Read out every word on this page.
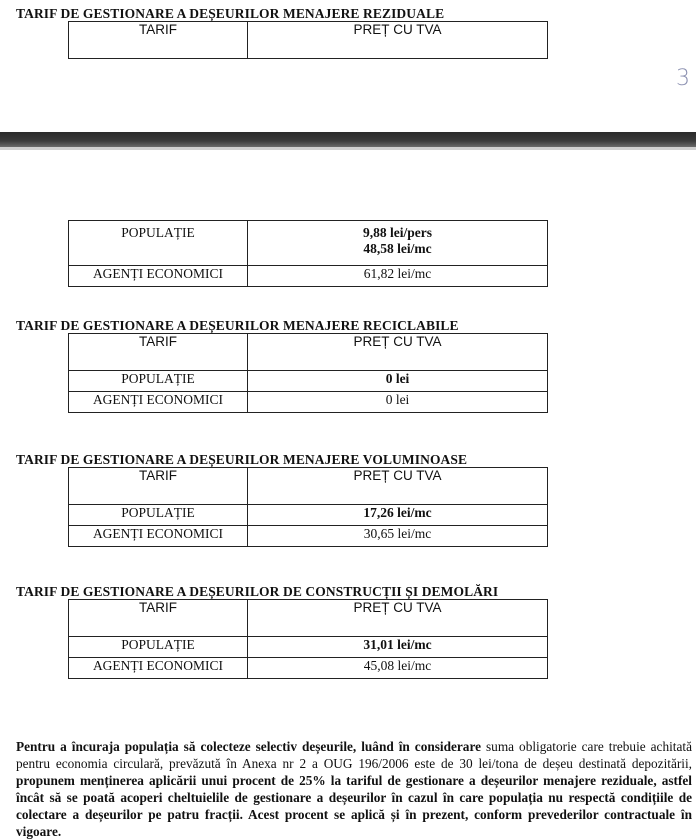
TARIF DE GESTIONARE A DEȘEURILOR MENAJERE REZIDUALE
TARIF	PREȚ CU TVA
3
POPULAȚIE	9,88 lei/pers
48,58 lei/mc

AGENȚI ECONOMICI	61,82 lei/mc
TARIF DE GESTIONARE A DEȘEURILOR MENAJERE RECICLABILE
TARIF	PREȚ CU TVA
POPULAȚIE	0 lei
AGENȚI ECONOMICI	0 lei
TARIF DE GESTIONARE A DEȘEURILOR MENAJERE VOLUMINOASE
TARIF	PREȚ CU TVA
POPULAȚIE	17,26 lei/mc
AGENȚI ECONOMICI	30,65 lei/mc
TARIF DE GESTIONARE A DEȘEURILOR DE CONSTRUCȚII ȘI DEMOLĂRI
TARIF	PREȚ CU TVA
POPULAȚIE	31,01 lei/mc
AGENȚI ECONOMICI	45,08 lei/mc
Pentru a încuraja populația să colecteze selectiv deșeurile, luând în considerare suma obligatorie care trebuie achitată pentru economia circulară, prevăzută în Anexa nr 2 a OUG 196/2006 este de 30 lei/tona de deșeu destinată depozitării, propunem menținerea aplicării unui procent de 25% la tariful de gestionare a deșeurilor menajere reziduale, astfel încât să se poată acoperi cheltuielile de gestionare a deșeurilor în cazul în care populația nu respectă condițiile de colectare a deșeurilor pe patru fracții. Acest procent se aplică și în prezent, conform prevederilor contractuale în vigoare.
